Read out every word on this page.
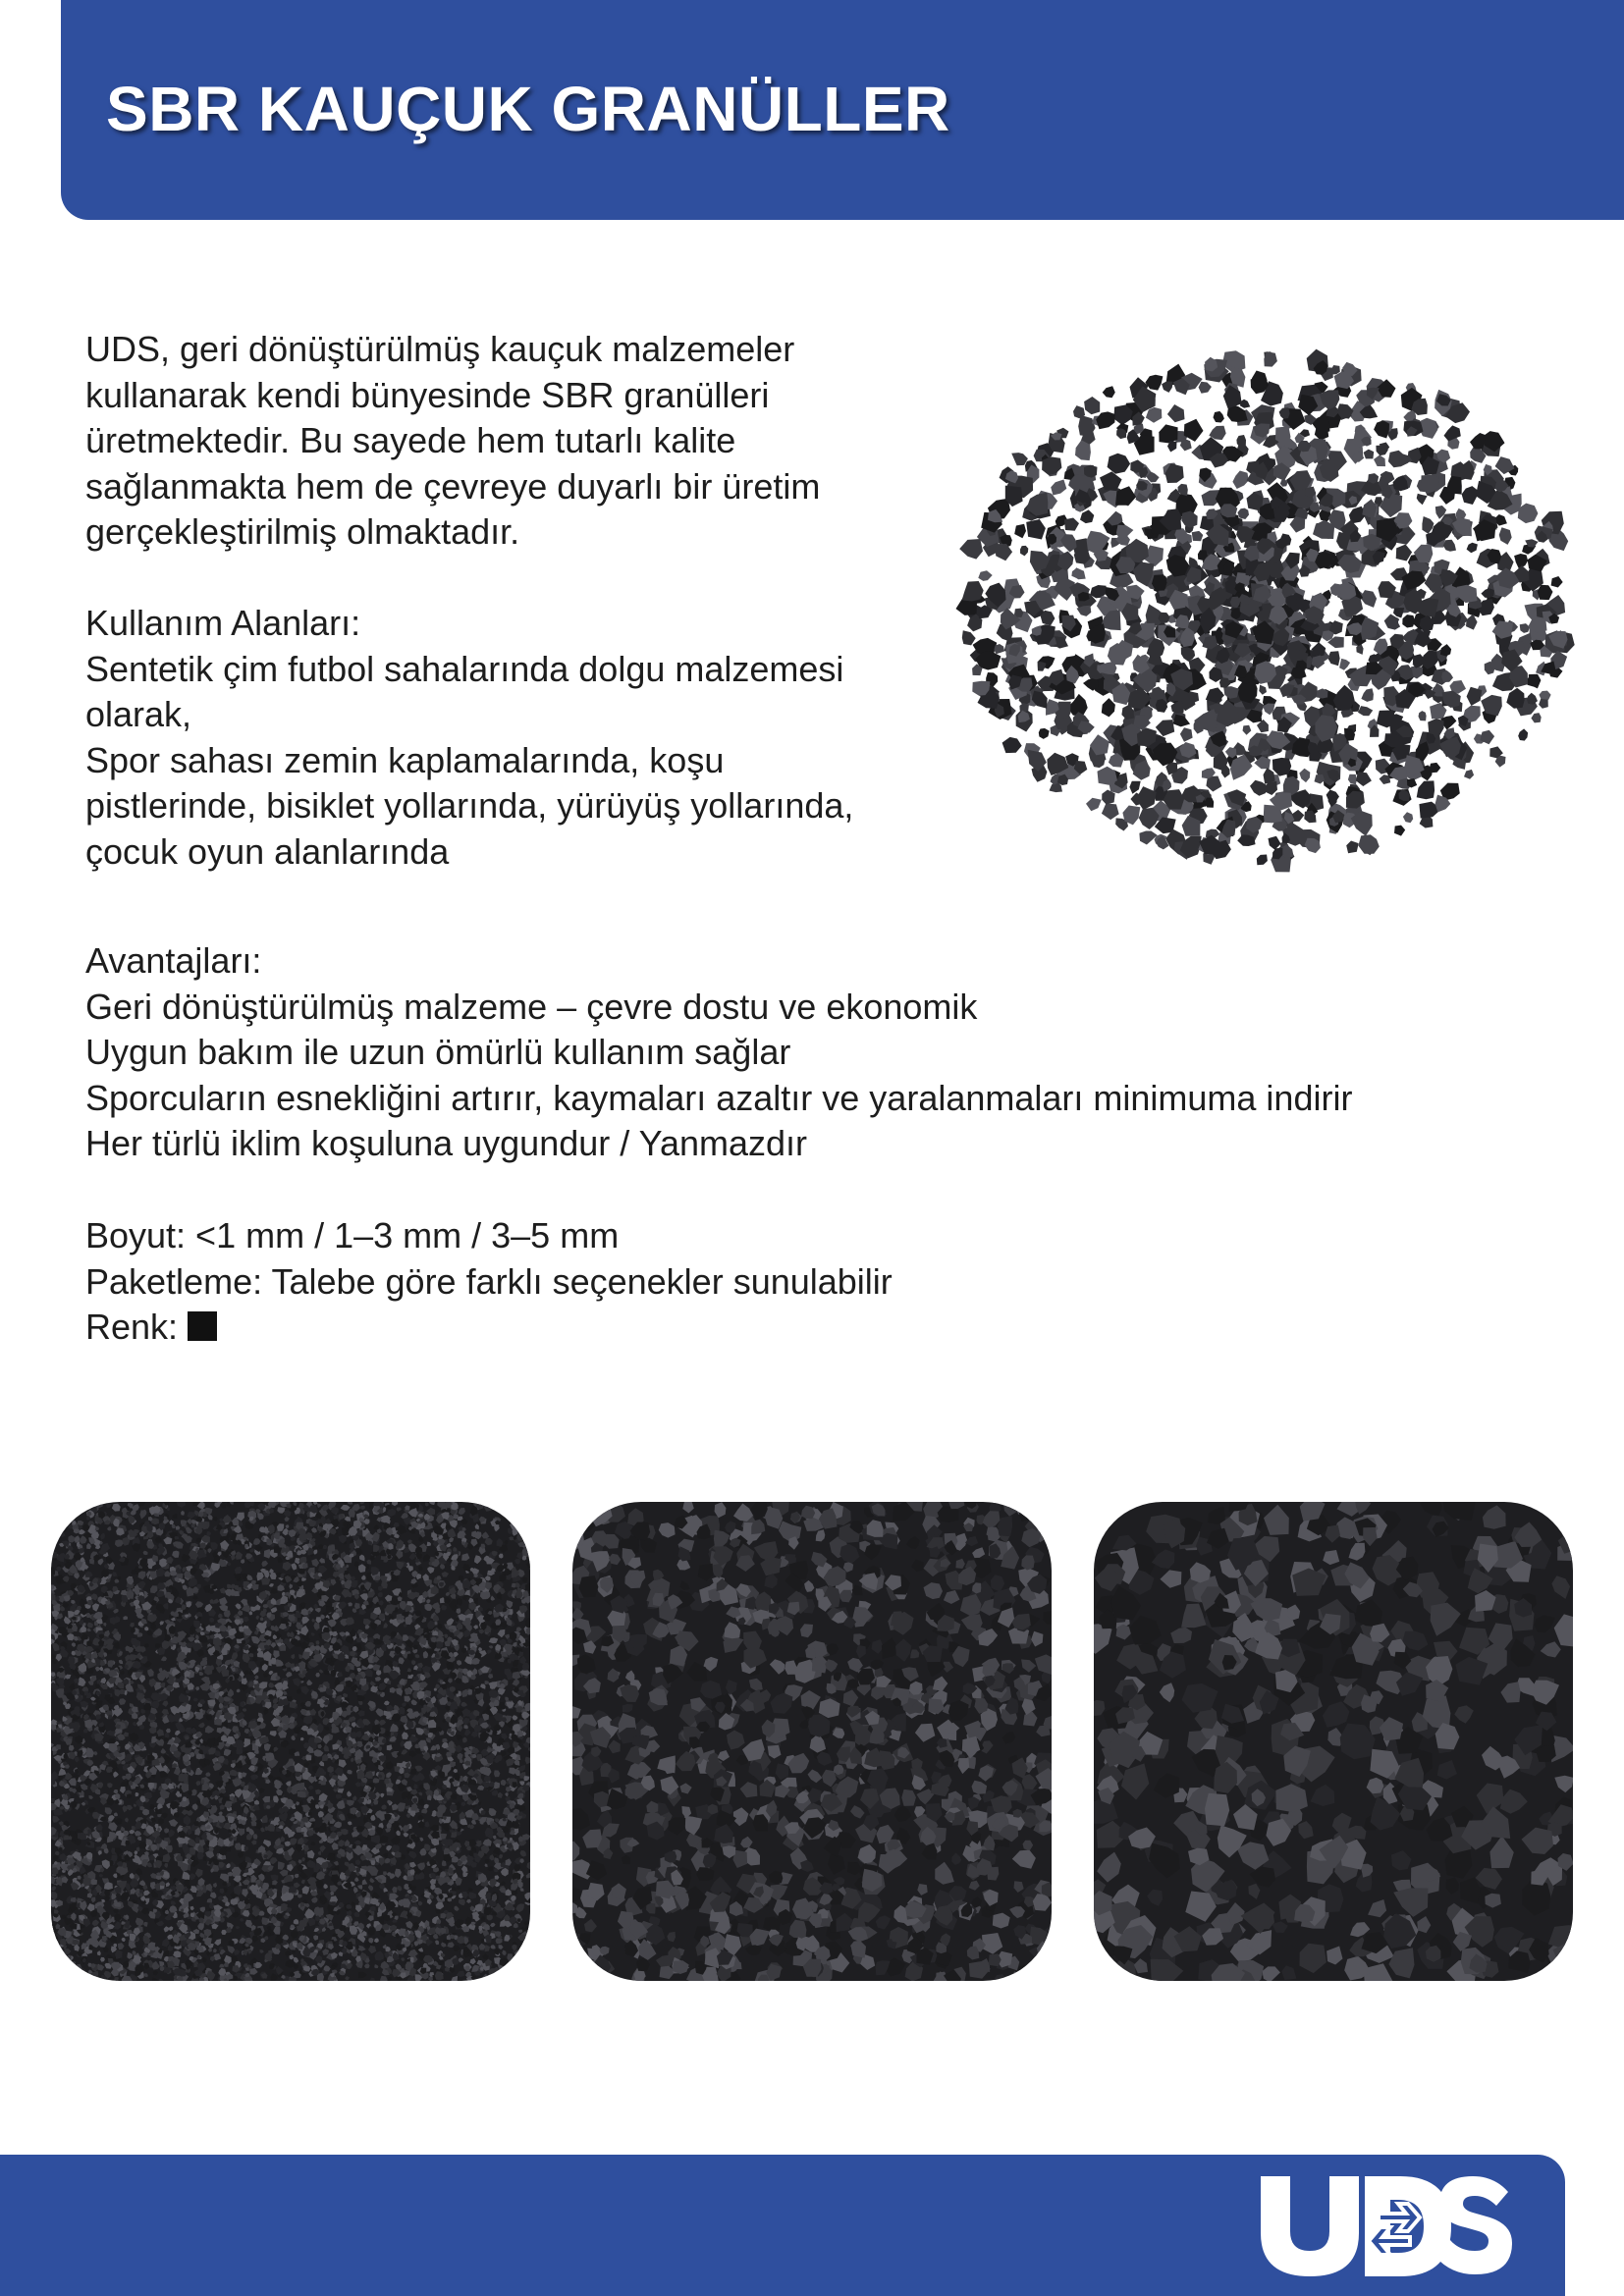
SBR KAUÇUK GRANÜLLER
UDS, geri dönüştürülmüş kauçuk malzemeler
kullanarak kendi bünyesinde SBR granülleri
üretmektedir. Bu sayede hem tutarlı kalite
sağlanmakta hem de çevreye duyarlı bir üretim
gerçekleştirilmiş olmaktadır.
Kullanım Alanları:
Sentetik çim futbol sahalarında dolgu malzemesi
olarak,
Spor sahası zemin kaplamalarında, koşu
pistlerinde, bisiklet yollarında, yürüyüş yollarında,
çocuk oyun alanlarında
Avantajları:
Geri dönüştürülmüş malzeme – çevre dostu ve ekonomik
Uygun bakım ile uzun ömürlü kullanım sağlar
Sporcuların esnekliğini artırır, kaymaları azaltır ve yaralanmaları minimuma indirir
Her türlü iklim koşuluna uygundur / Yanmazdır
Boyut: <1 mm / 1–3 mm / 3–5 mm
Paketleme: Talebe göre farklı seçenekler sunulabilir
Renk:
